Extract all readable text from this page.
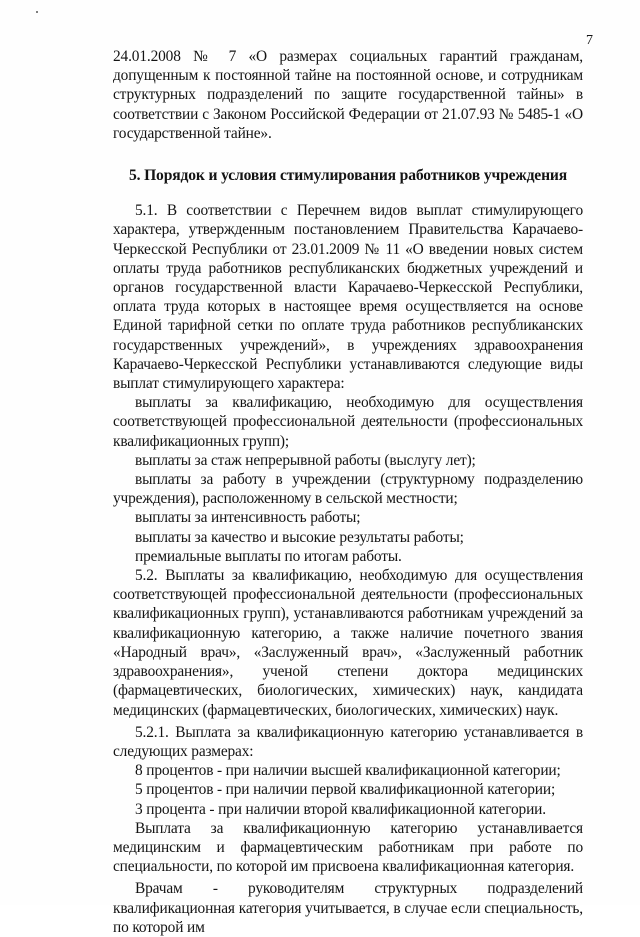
7

24.01.2008 № 7 «О размерах социальных гарантий гражданам, допущенным к постоянной тайне на постоянной основе, и сотрудникам структурных подразделений по защите государственной тайны» в соответствии с Законом Российской Федерации от 21.07.93 № 5485-1 «О государственной тайне».

5. Порядок и условия стимулирования работников учреждения

5.1. В соответствии с Перечнем видов выплат стимулирующего характера, утвержденным постановлением Правительства Карачаево-Черкесской Республики от 23.01.2009 № 11 «О введении новых систем оплаты труда работников республиканских бюджетных учреждений и органов государственной власти Карачаево-Черкесской Республики, оплата труда которых в настоящее время осуществляется на основе Единой тарифной сетки по оплате труда работников республиканских государственных учреждений», в учреждениях здравоохранения Карачаево-Черкесской Республики устанавливаются следующие виды выплат стимулирующего характера:

выплаты за квалификацию, необходимую для осуществления соответствующей профессиональной деятельности (профессиональных квалификационных групп);

выплаты за стаж непрерывной работы (выслугу лет);

выплаты за работу в учреждении (структурному подразделению учреждения), расположенному в сельской местности;

выплаты за интенсивность работы;

выплаты за качество и высокие результаты работы;

премиальные выплаты по итогам работы.

5.2. Выплаты за квалификацию, необходимую для осуществления соответствующей профессиональной деятельности (профессиональных квалификационных групп), устанавливаются работникам учреждений за квалификационную категорию, а также наличие почетного звания «Народный врач», «Заслуженный врач», «Заслуженный работник здравоохранения», ученой степени доктора медицинских (фармацевтических, биологических, химических) наук, кандидата медицинских (фармацевтических, биологических, химических) наук.

5.2.1. Выплата за квалификационную категорию устанавливается в следующих размерах:

8 процентов - при наличии высшей квалификационной категории;

5 процентов - при наличии первой квалификационной категории;

3 процента - при наличии второй квалификационной категории.

Выплата за квалификационную категорию устанавливается медицинским и фармацевтическим работникам при работе по специальности, по которой им присвоена квалификационная категория.

Врачам - руководителям структурных подразделений квалификационная категория учитывается, в случае если специальность, по которой им
